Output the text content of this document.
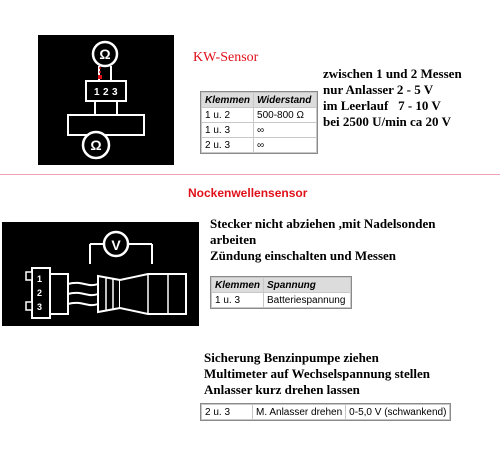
Ω
1 2 3
Ω
KW-Sensor
Klemmen	Widerstand
1 u. 2	500-800 Ω
1 u. 3	∞
2 u. 3	∞
zwischen 1 und 2 Messen
nur Anlasser 2 - 5 V
im Leerlauf   7 - 10 V
bei 2500 U/min ca 20 V
Nockenwellensensor
V
1
2
3
Stecker nicht abziehen ,mit Nadelsonden
arbeiten
Zündung einschalten und Messen
Klemmen	Spannung
1 u. 3	Batteriespannung
Sicherung Benzinpumpe ziehen
Multimeter auf Wechselspannung stellen
Anlasser kurz drehen lassen
2 u. 3	M. Anlasser drehen	0-5,0 V (schwankend)
